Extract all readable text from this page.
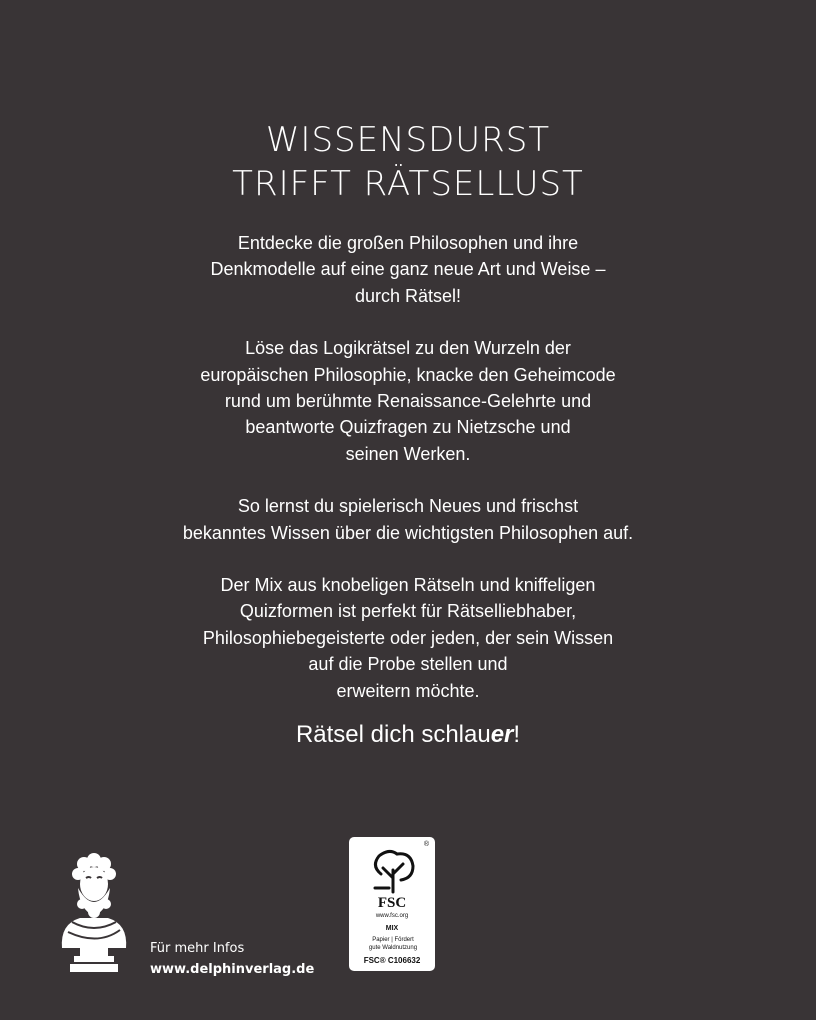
WISSENSDURST
TRIFFT RÄTSELLUST

Entdecke die großen Philosophen und ihre
Denkmodelle auf eine ganz neue Art und Weise –
durch Rätsel!

Löse das Logikrätsel zu den Wurzeln der
europäischen Philosophie, knacke den Geheimcode
rund um berühmte Renaissance-Gelehrte und
beantworte Quizfragen zu Nietzsche und
seinen Werken.

So lernst du spielerisch Neues und frischst
bekanntes Wissen über die wichtigsten Philosophen auf.

Der Mix aus knobeligen Rätseln und kniffeligen
Quizformen ist perfekt für Rätselliebhaber,
Philosophiebegeisterte oder jeden, der sein Wissen
auf die Probe stellen und
erweitern möchte.

Rätsel dich schlauer!
Für mehr Infos
www.delphinverlag.de
®
FSC
www.fsc.org
MIX
Papier | Fördert
gute Waldnutzung
FSC® C106632
